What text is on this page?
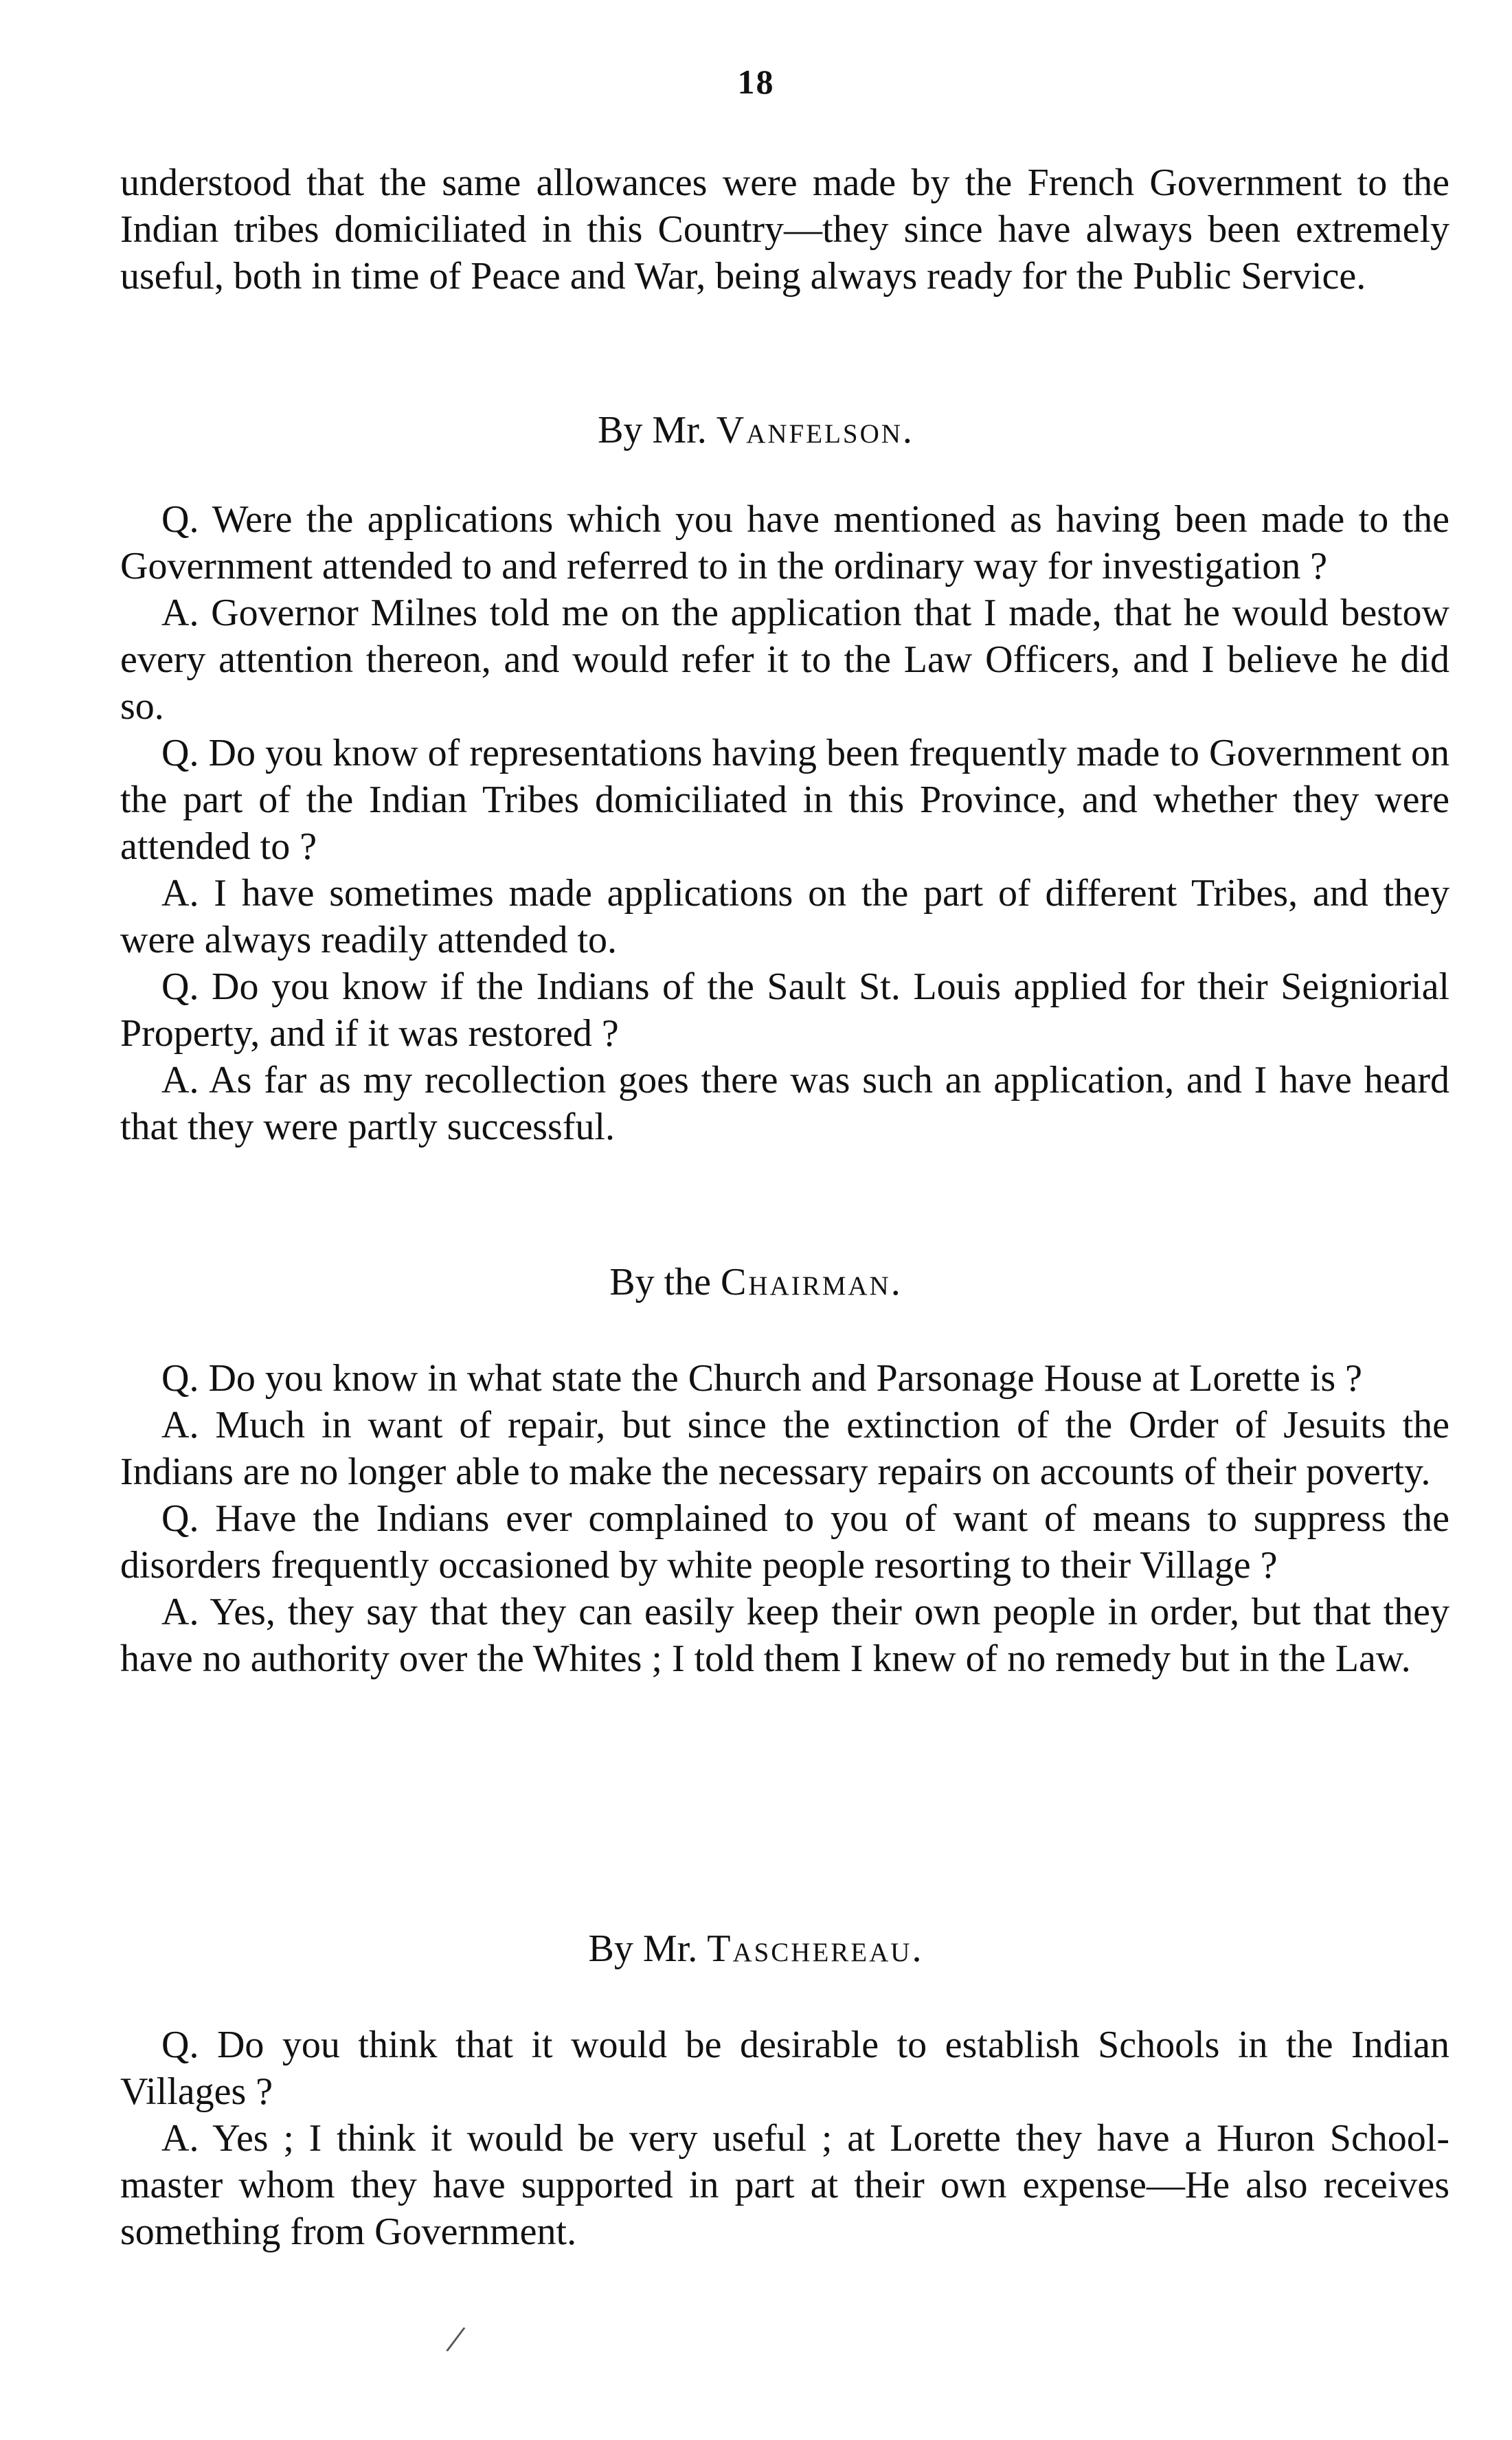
18

understood that the same allowances were made by the French Government to the Indian tribes domiciliated in this Country—they since have always been extremely useful, both in time of Peace and War, being always ready for the Public Service.

By Mr. Vanfelson.

Q. Were the applications which you have mentioned as having been made to the Government attended to and referred to in the ordinary way for investigation ?

A. Governor Milnes told me on the application that I made, that he would bestow every attention thereon, and would refer it to the Law Officers, and I believe he did so.

Q. Do you know of representations having been frequently made to Government on the part of the Indian Tribes domiciliated in this Province, and whether they were attended to ?

A. I have sometimes made applications on the part of different Tribes, and they were always readily attended to.

Q. Do you know if the Indians of the Sault St. Louis applied for their Seigniorial Property, and if it was restored ?

A. As far as my recollection goes there was such an application, and I have heard that they were partly successful.

By the Chairman.

Q. Do you know in what state the Church and Parsonage House at Lorette is ?

A. Much in want of repair, but since the extinction of the Order of Jesuits the Indians are no longer able to make the necessary repairs on accounts of their poverty.

Q. Have the Indians ever complained to you of want of means to suppress the disorders frequently occasioned by white people resorting to their Village ?

A. Yes, they say that they can easily keep their own people in order, but that they have no authority over the Whites ; I told them I knew of no remedy but in the Law.

By Mr. Taschereau.

Q. Do you think that it would be desirable to establish Schools in the Indian Villages ?

A. Yes ; I think it would be very useful ; at Lorette they have a Huron School-master whom they have supported in part at their own expense—He also receives something from Government.

/
